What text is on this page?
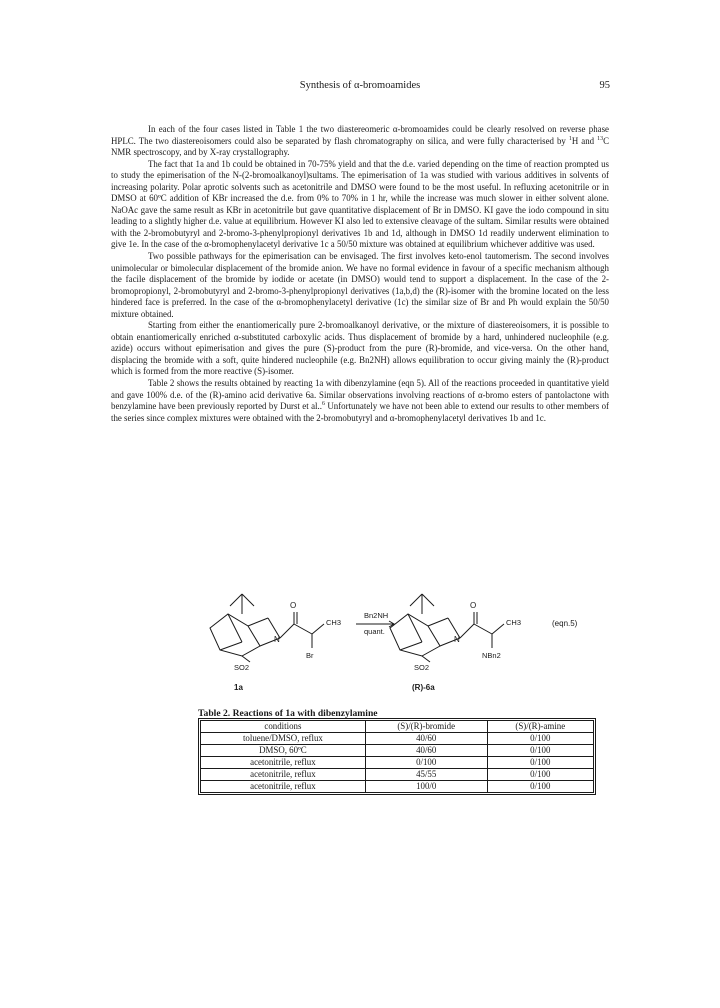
Synthesis of α-bromoamides	95

In each of the four cases listed in Table 1 the two diastereomeric α-bromoamides could be clearly resolved on reverse phase HPLC. The two diastereoisomers could also be separated by flash chromatography on silica, and were fully characterised by $^1$H and $^{13}$C NMR spectroscopy, and by X-ray crystallography.

The fact that 1a and 1b could be obtained in 70-75% yield and that the d.e. varied depending on the time of reaction prompted us to study the epimerisation of the N-(2-bromoalkanoyl)sultams. The epimerisation of 1a was studied with various additives in solvents of increasing polarity. Polar aprotic solvents such as acetonitrile and DMSO were found to be the most useful. In refluxing acetonitrile or in DMSO at 60ºC addition of KBr increased the d.e. from 0% to 70% in 1 hr, while the increase was much slower in either solvent alone. NaOAc gave the same result as KBr in acetonitrile but gave quantitative displacement of Br in DMSO. KI gave the iodo compound in situ leading to a slightly higher d.e. value at equilibrium. However KI also led to extensive cleavage of the sultam. Similar results were obtained with the 2-bromobutyryl and 2-bromo-3-phenylpropionyl derivatives 1b and 1d, although in DMSO 1d readily underwent elimination to give 1e. In the case of the α-bromophenylacetyl derivative 1c a 50/50 mixture was obtained at equilibrium whichever additive was used.

Two possible pathways for the epimerisation can be envisaged. The first involves keto-enol tautomerism. The second involves unimolecular or bimolecular displacement of the bromide anion. We have no formal evidence in favour of a specific mechanism although the facile displacement of the bromide by iodide or acetate (in DMSO) would tend to support a displacement. In the case of the 2-bromopropionyl, 2-bromobutyryl and 2-bromo-3-phenylpropionyl derivatives (1a,b,d) the (R)-isomer with the bromine located on the less hindered face is preferred. In the case of the α-bromophenylacetyl derivative (1c) the similar size of Br and Ph would explain the 50/50 mixture obtained.

Starting from either the enantiomerically pure 2-bromoalkanoyl derivative, or the mixture of diastereoisomers, it is possible to obtain enantiomerically enriched α-substituted carboxylic acids. Thus displacement of bromide by a hard, unhindered nucleophile (e.g. azide) occurs without epimerisation and gives the pure (S)-product from the pure (R)-bromide, and vice-versa. On the other hand, displacing the bromide with a soft, quite hindered nucleophile (e.g. Bn2NH) allows equilibration to occur giving mainly the (R)-product which is formed from the more reactive (S)-isomer.

Table 2 shows the results obtained by reacting 1a with dibenzylamine (eqn 5). All of the reactions proceeded in quantitative yield and gave 100% d.e. of the (R)-amino acid derivative 6a. Similar observations involving reactions of α-bromo esters of pantolactone with benzylamine have been previously reported by Durst et al..$^6$ Unfortunately we have not been able to extend our results to other members of the series since complex mixtures were obtained with the 2-bromobutyryl and α-bromophenylacetyl derivatives 1b and 1c.

O
CH3
N
SO2
Br
1a
Bn2NH
quant.
O
CH3
N
SO2
NBn2
(R)-6a
(eqn.5)
Table 2. Reactions of 1a with dibenzylamine
conditions	(S)/(R)-bromide	(S)/(R)-amine
toluene/DMSO, reflux	40/60	0/100
DMSO, 60ºC	40/60	0/100
acetonitrile, reflux	0/100	0/100
acetonitrile, reflux	45/55	0/100
acetonitrile, reflux	100/0	0/100
